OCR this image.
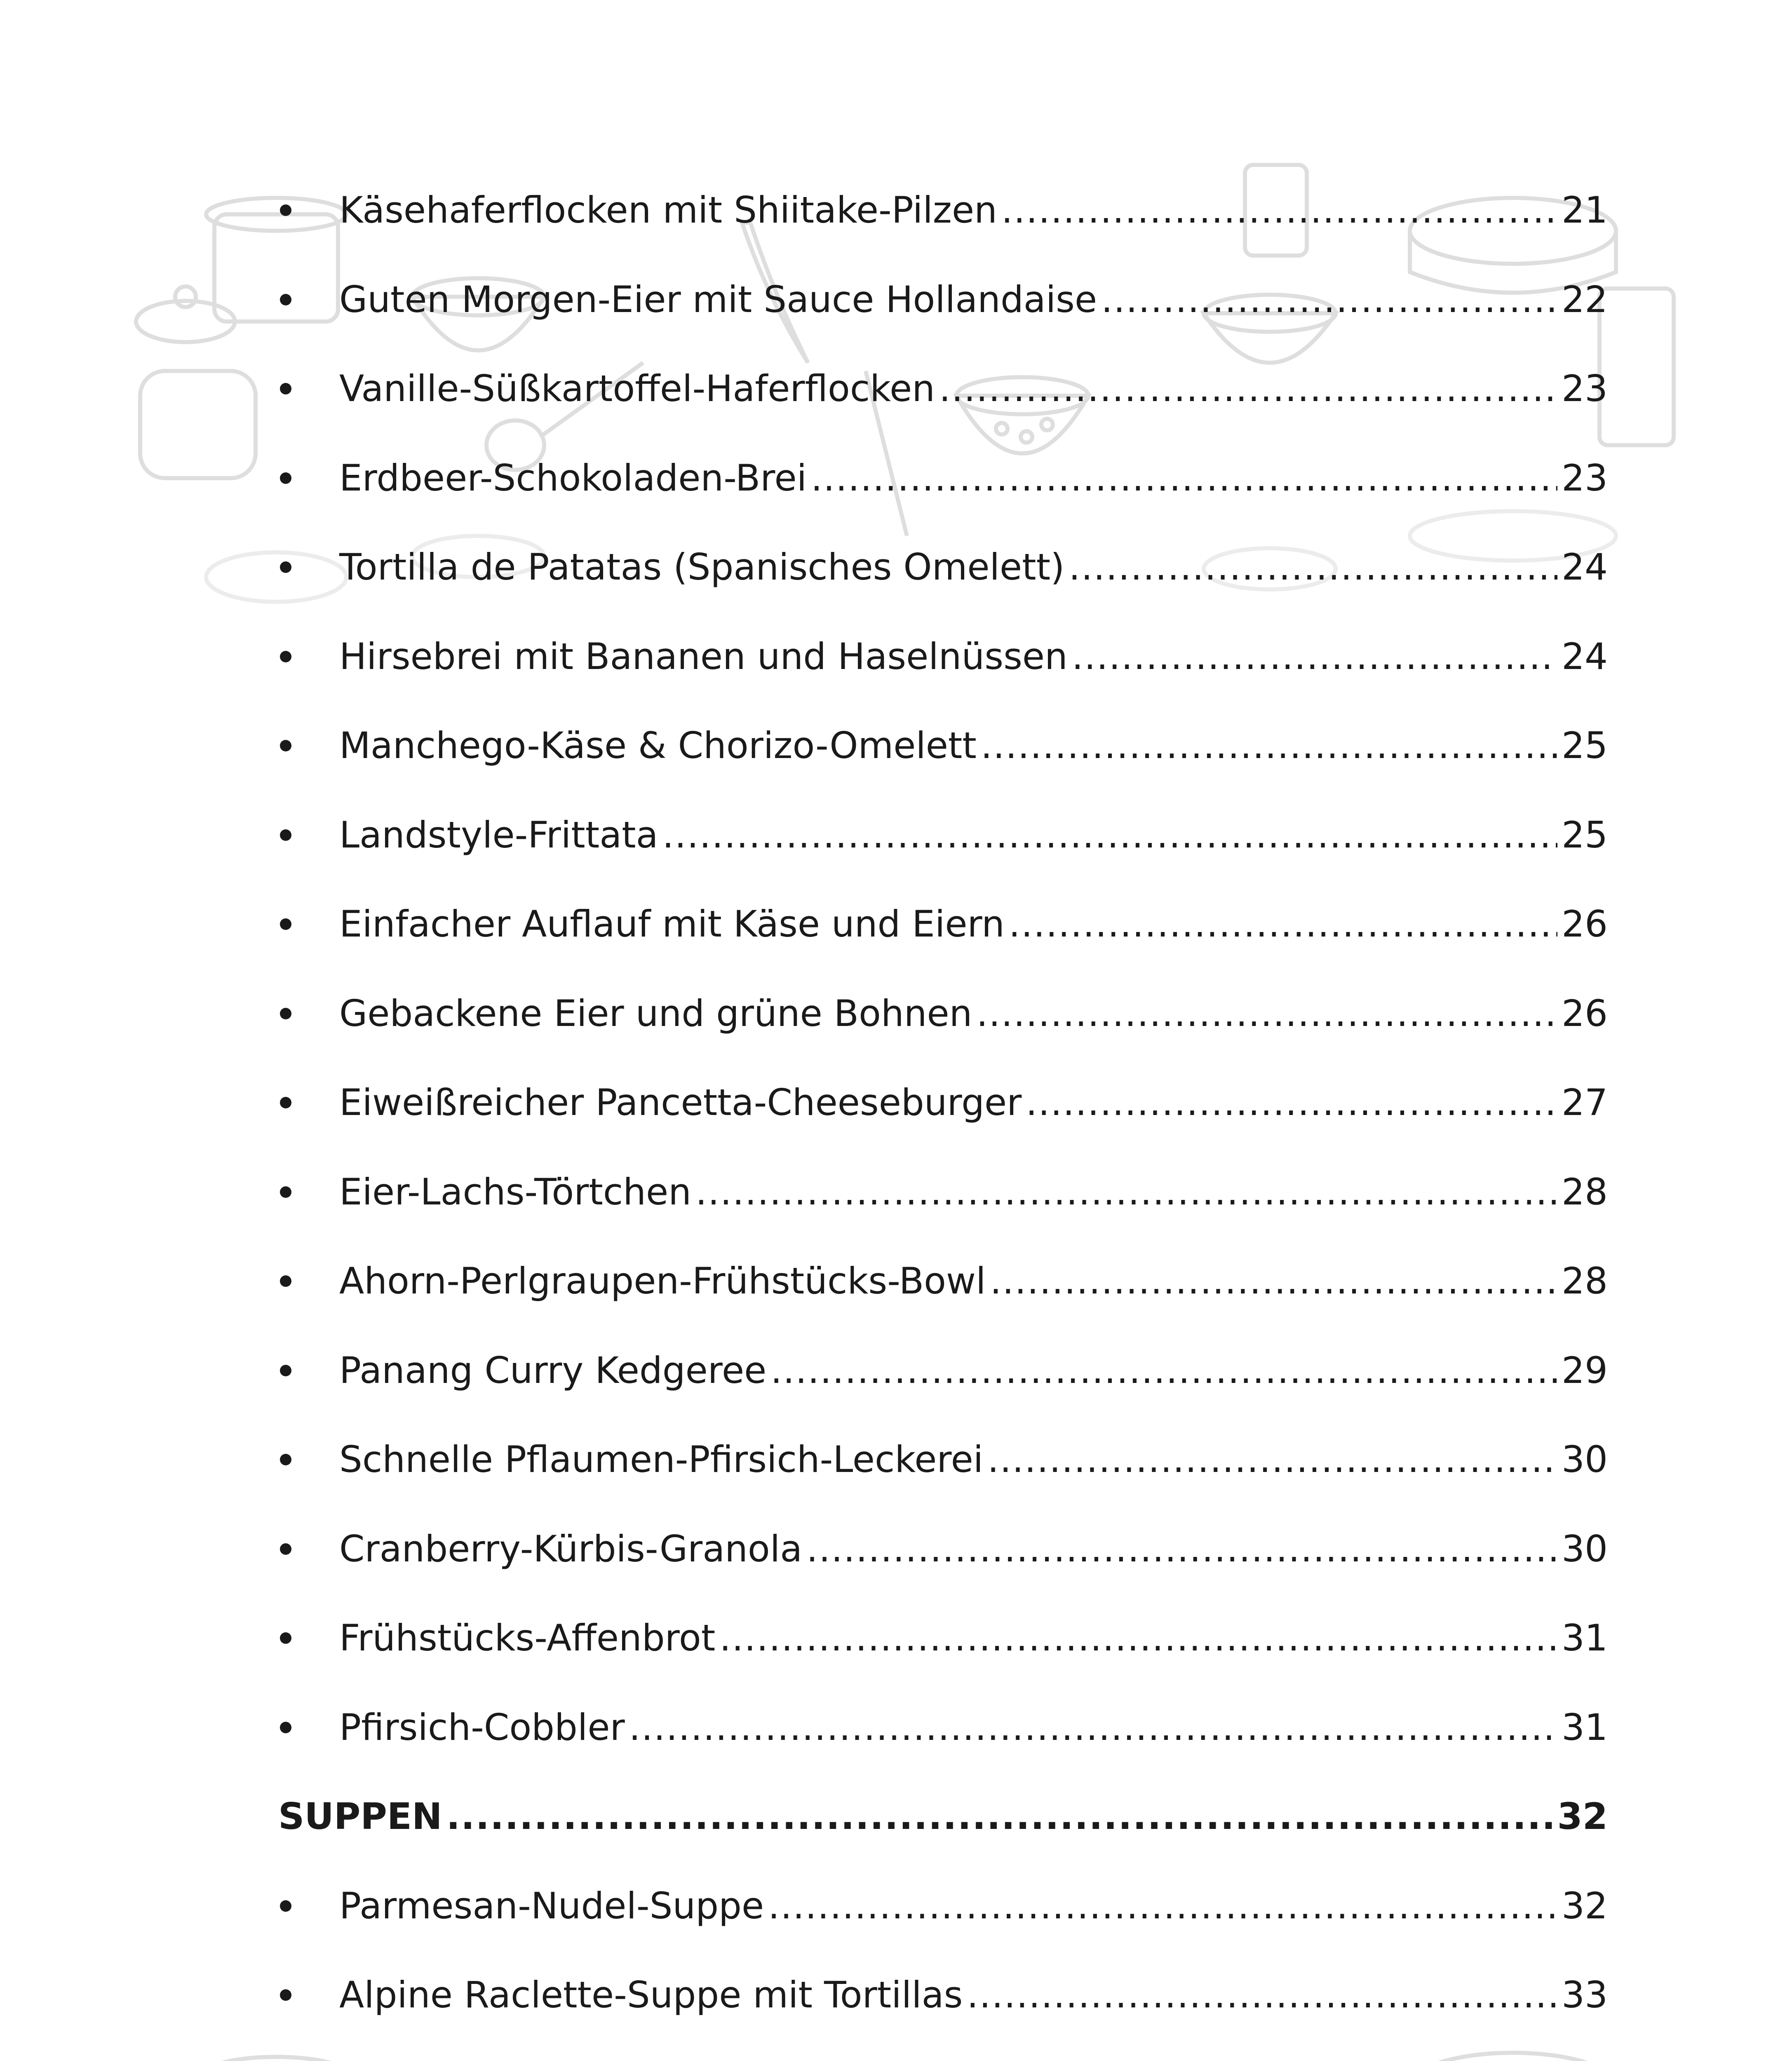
Käsehaferflocken mit Shiitake-Pilzen .....	21
Guten Morgen-Eier mit Sauce Hollandaise .....	22
Vanille-Süßkartoffel-Haferflocken .....	23
Erdbeer-Schokoladen-Brei .....	23
Tortilla de Patatas (Spanisches Omelett) .....	24
Hirsebrei mit Bananen und Haselnüssen .....	24
Manchego-Käse & Chorizo-Omelett .....	25
Landstyle-Frittata .....	25
Einfacher Auflauf mit Käse und Eiern .....	26
Gebackene Eier und grüne Bohnen .....	26
Eiweißreicher Pancetta-Cheeseburger .....	27
Eier-Lachs-Törtchen .....	28
Ahorn-Perlgraupen-Frühstücks-Bowl .....	28
Panang Curry Kedgeree .....	29
Schnelle Pflaumen-Pfirsich-Leckerei .....	30
Cranberry-Kürbis-Granola .....	30
Frühstücks-Affenbrot .....	31
Pfirsich-Cobbler .....	31
SUPPEN .....	32
Parmesan-Nudel-Suppe .....	32
Alpine Raclette-Suppe mit Tortillas .....	33
